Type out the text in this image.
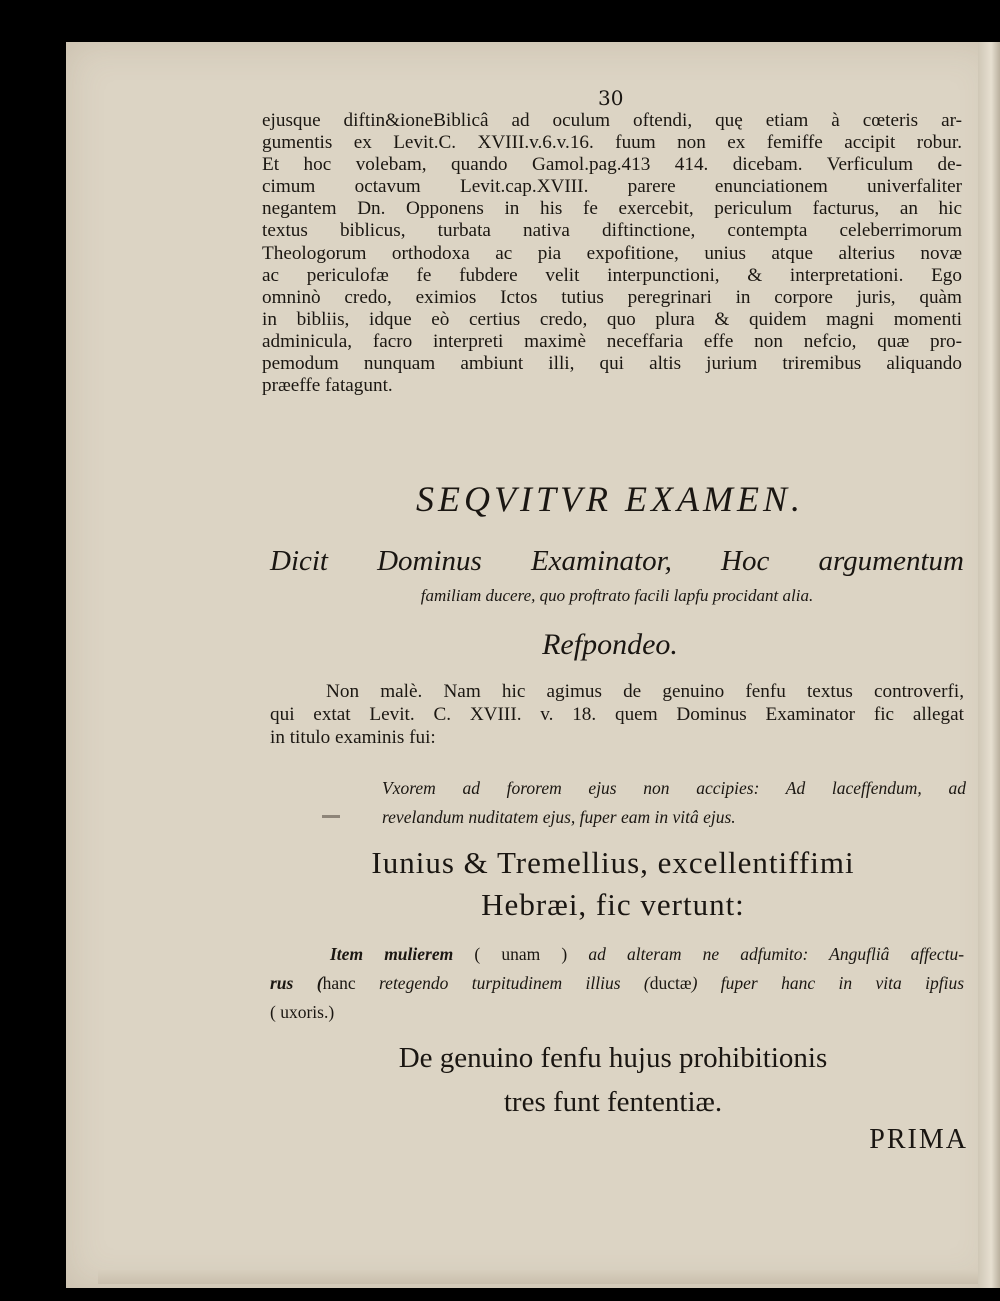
30
ejusque diftin&ioneBiblicâ ad oculum oftendi, quę etiam à cœteris ar-
gumentis ex Levit.C. XVIII.v.6.v.16. fuum non ex femiffe accipit robur.
Et hoc volebam, quando Gamol.pag.413 414. dicebam. Verficulum de-
cimum octavum Levit.cap.XVIII. parere enunciationem univerfaliter
negantem Dn. Opponens in his fe exercebit, periculum facturus, an hic
textus biblicus, turbata nativa diftinctione, contempta celeberrimorum
Theologorum orthodoxa ac pia expofitione, unius atque alterius novæ
ac periculofæ fe fubdere velit interpunctioni, & interpretationi. Ego
omninò credo, eximios Ictos tutius peregrinari in corpore juris, quàm
in bibliis, idque eò certius credo, quo plura & quidem magni momenti
adminicula, facro interpreti maximè neceffaria effe non nefcio, quæ pro-
pemodum nunquam ambiunt illi, qui altis jurium triremibus aliquando
præeffe fatagunt.
SEQVITVR EXAMEN.
Dicit Dominus Examinator, Hoc argumentum
familiam ducere, quo proftrato facili lapfu procidant alia.
Refpondeo.
Non malè. Nam hic agimus de genuino fenfu textus controverfi,
qui extat Levit. C. XVIII. v. 18. quem Dominus Examinator fic allegat
in titulo examinis fui:
Vxorem ad fororem ejus non accipies: Ad laceffendum, ad
revelandum nuditatem ejus, fuper eam in vitâ ejus.
Iunius & Tremellius, excellentiffimi
Hebræi, fic vertunt:
Item mulierem ( unam ) ad alteram ne adfumito: Angufliâ affectu-
rus (hanc retegendo turpitudinem illius (ductæ) fuper hanc in vita ipfius
( uxoris.)
De genuino fenfu hujus prohibitionis
tres funt fententiæ.
PRIMA
